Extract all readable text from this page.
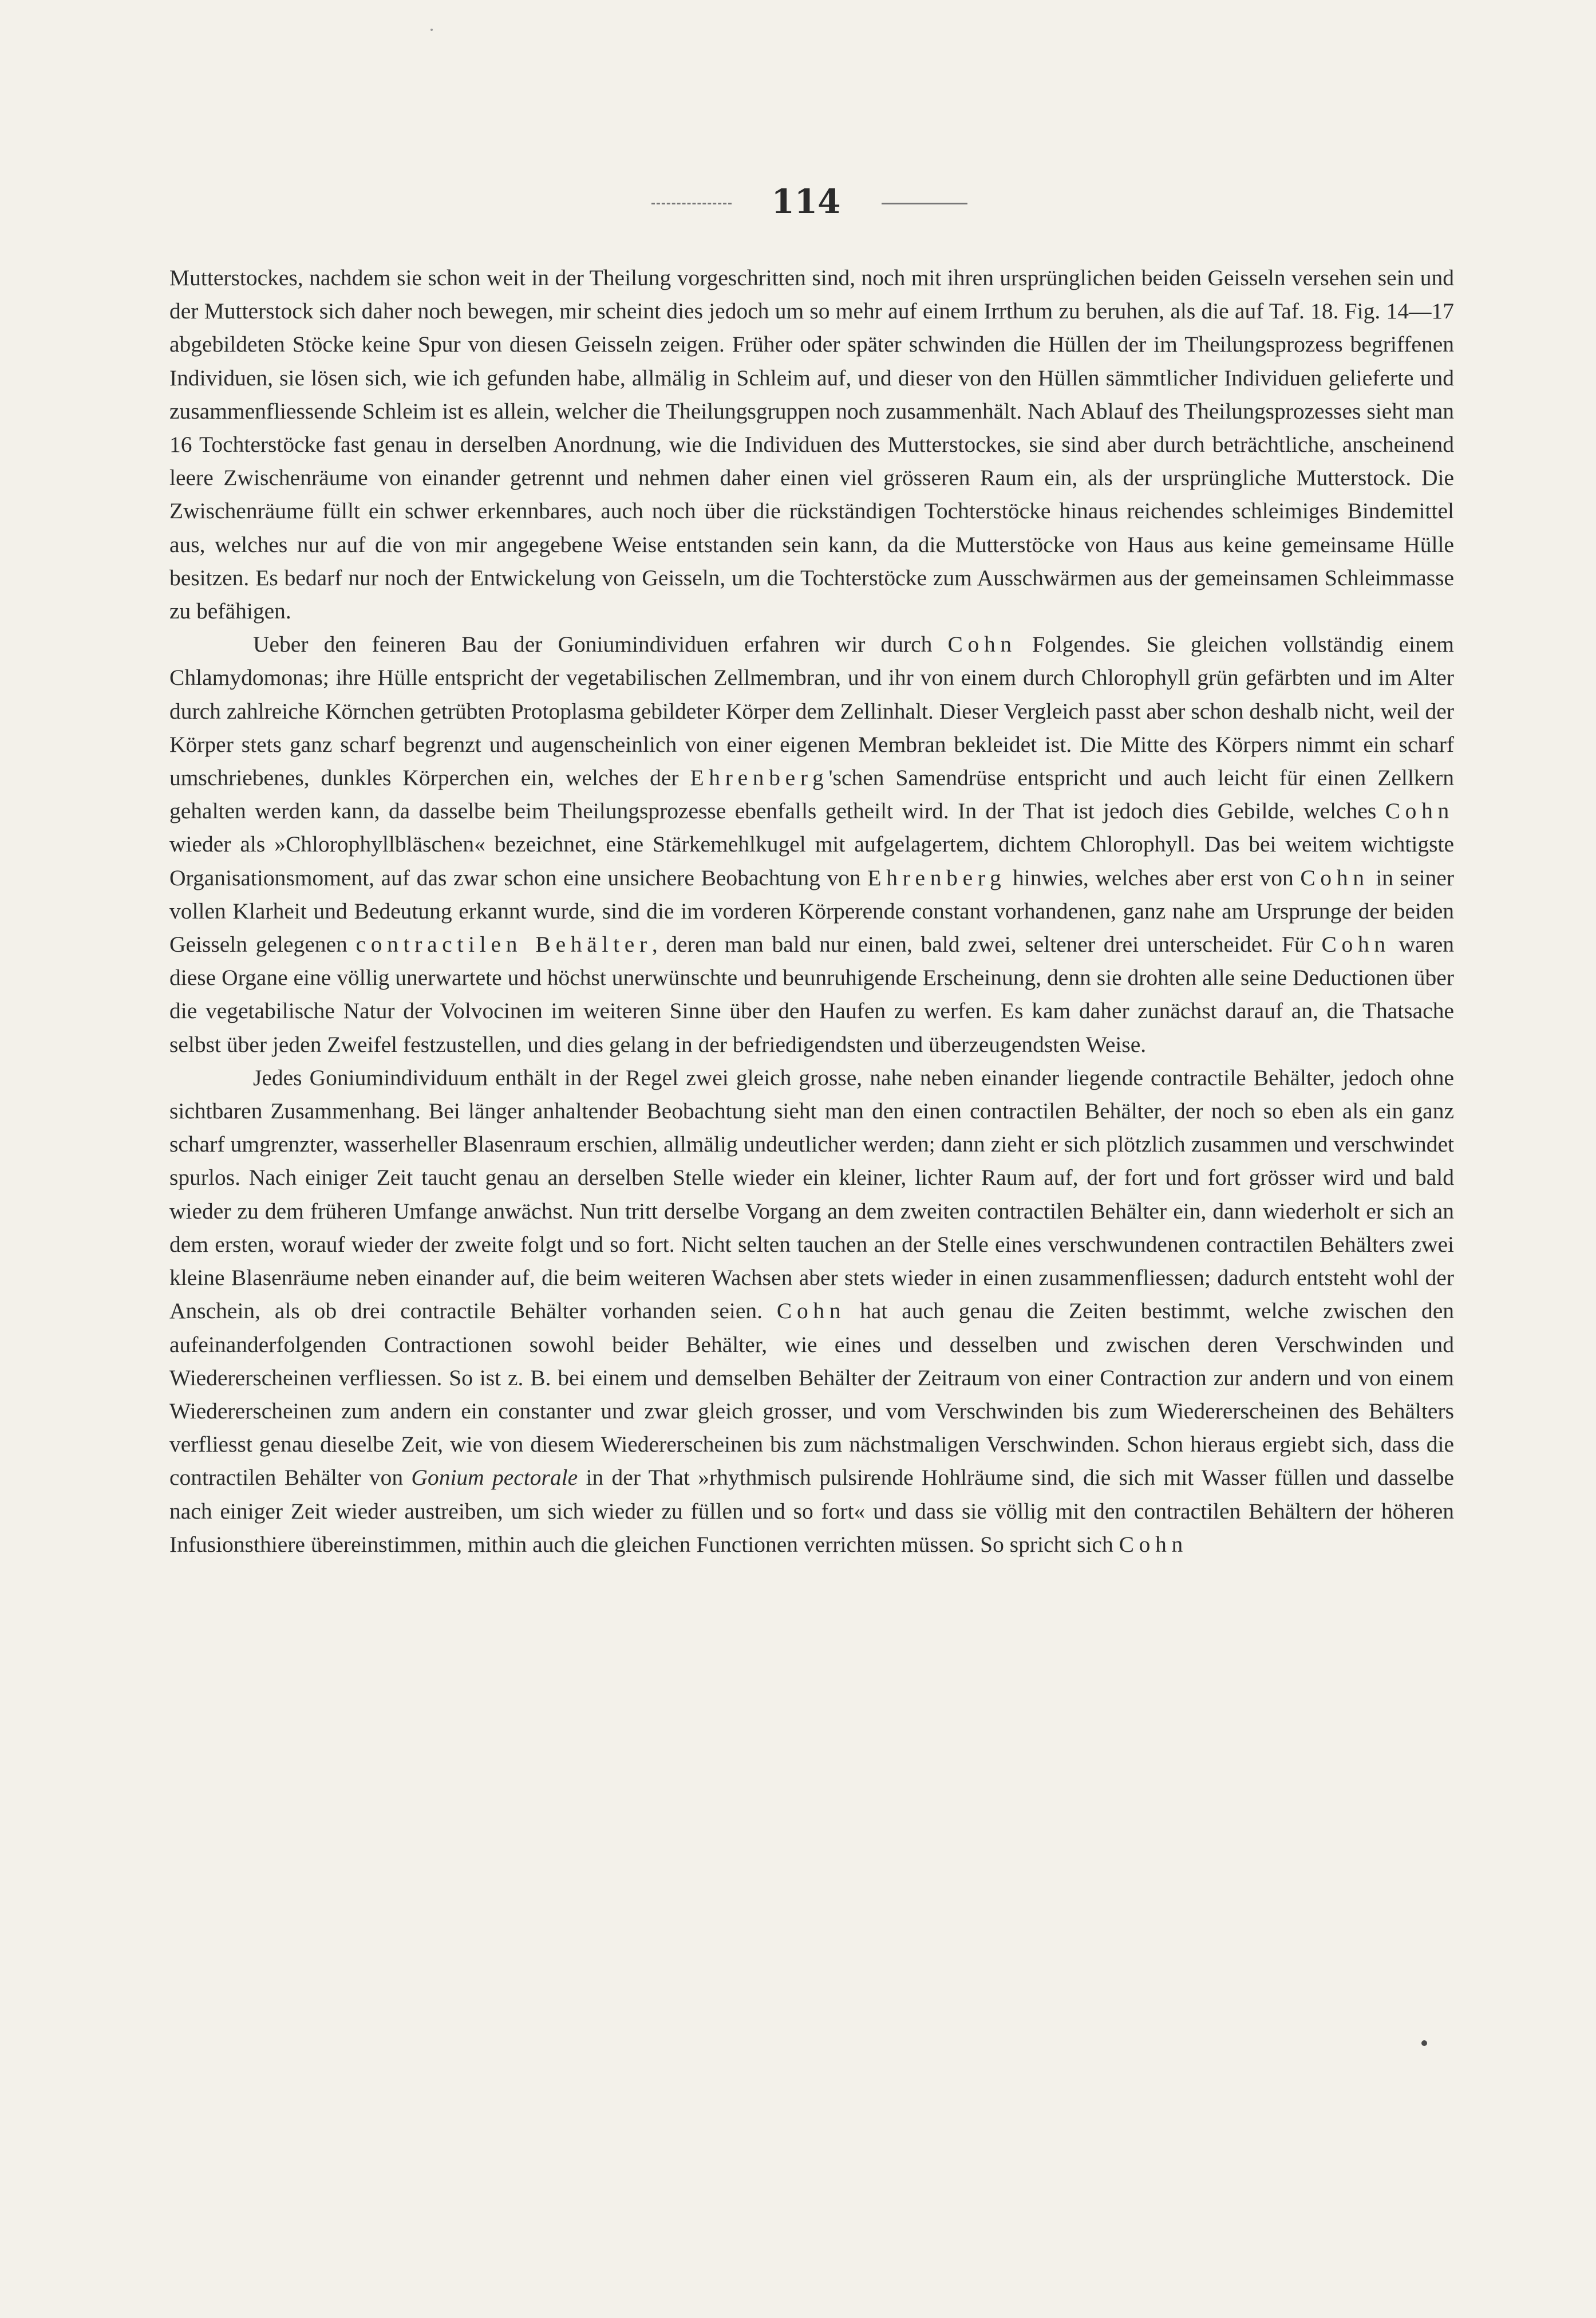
114

Mutterstockes, nachdem sie schon weit in der Theilung vorgeschritten sind, noch mit ihren ursprünglichen beiden Geisseln versehen sein und der Mutterstock sich daher noch bewegen, mir scheint dies jedoch um so mehr auf einem Irrthum zu beruhen, als die auf Taf. 18. Fig. 14—17 abgebildeten Stöcke keine Spur von diesen Geisseln zeigen. Früher oder später schwinden die Hüllen der im Theilungsprozess begriffenen Individuen, sie lösen sich, wie ich gefunden habe, allmälig in Schleim auf, und dieser von den Hüllen sämmtlicher Individuen gelieferte und zusammenfliessende Schleim ist es allein, welcher die Theilungsgruppen noch zusammenhält. Nach Ablauf des Theilungsprozesses sieht man 16 Tochterstöcke fast genau in derselben Anordnung, wie die Individuen des Mutterstockes, sie sind aber durch beträchtliche, anscheinend leere Zwischenräume von einander getrennt und nehmen daher einen viel grösseren Raum ein, als der ursprüngliche Mutterstock. Die Zwischenräume füllt ein schwer erkennbares, auch noch über die rückständigen Tochterstöcke hinaus reichendes schleimiges Bindemittel aus, welches nur auf die von mir angegebene Weise entstanden sein kann, da die Mutterstöcke von Haus aus keine gemeinsame Hülle besitzen. Es bedarf nur noch der Entwickelung von Geisseln, um die Tochterstöcke zum Ausschwärmen aus der gemeinsamen Schleimmasse zu befähigen.

Ueber den feineren Bau der Goniumindividuen erfahren wir durch Cohn Folgendes. Sie gleichen vollständig einem Chlamydomonas; ihre Hülle entspricht der vegetabilischen Zellmembran, und ihr von einem durch Chlorophyll grün gefärbten und im Alter durch zahlreiche Körnchen getrübten Protoplasma gebildeter Körper dem Zellinhalt. Dieser Vergleich passt aber schon deshalb nicht, weil der Körper stets ganz scharf begrenzt und augenscheinlich von einer eigenen Membran bekleidet ist. Die Mitte des Körpers nimmt ein scharf umschriebenes, dunkles Körperchen ein, welches der Ehrenberg'schen Samendrüse entspricht und auch leicht für einen Zellkern gehalten werden kann, da dasselbe beim Theilungsprozesse ebenfalls getheilt wird. In der That ist jedoch dies Gebilde, welches Cohn wieder als »Chlorophyllbläschen« bezeichnet, eine Stärkemehlkugel mit aufgelagertem, dichtem Chlorophyll. Das bei weitem wichtigste Organisationsmoment, auf das zwar schon eine unsichere Beobachtung von Ehrenberg hinwies, welches aber erst von Cohn in seiner vollen Klarheit und Bedeutung erkannt wurde, sind die im vorderen Körperende constant vorhandenen, ganz nahe am Ursprunge der beiden Geisseln gelegenen contractilen Behälter, deren man bald nur einen, bald zwei, seltener drei unterscheidet. Für Cohn waren diese Organe eine völlig unerwartete und höchst unerwünschte und beunruhigende Erscheinung, denn sie drohten alle seine Deductionen über die vegetabilische Natur der Volvocinen im weiteren Sinne über den Haufen zu werfen. Es kam daher zunächst darauf an, die Thatsache selbst über jeden Zweifel festzustellen, und dies gelang in der befriedigendsten und überzeugendsten Weise.

Jedes Goniumindividuum enthält in der Regel zwei gleich grosse, nahe neben einander liegende contractile Behälter, jedoch ohne sichtbaren Zusammenhang. Bei länger anhaltender Beobachtung sieht man den einen contractilen Behälter, der noch so eben als ein ganz scharf umgrenzter, wasserheller Blasenraum erschien, allmälig undeutlicher werden; dann zieht er sich plötzlich zusammen und verschwindet spurlos. Nach einiger Zeit taucht genau an derselben Stelle wieder ein kleiner, lichter Raum auf, der fort und fort grösser wird und bald wieder zu dem früheren Umfange anwächst. Nun tritt derselbe Vorgang an dem zweiten contractilen Behälter ein, dann wiederholt er sich an dem ersten, worauf wieder der zweite folgt und so fort. Nicht selten tauchen an der Stelle eines verschwundenen contractilen Behälters zwei kleine Blasenräume neben einander auf, die beim weiteren Wachsen aber stets wieder in einen zusammenfliessen; dadurch entsteht wohl der Anschein, als ob drei contractile Behälter vorhanden seien. Cohn hat auch genau die Zeiten bestimmt, welche zwischen den aufeinanderfolgenden Contractionen sowohl beider Behälter, wie eines und desselben und zwischen deren Verschwinden und Wiedererscheinen verfliessen. So ist z. B. bei einem und demselben Behälter der Zeitraum von einer Contraction zur andern und von einem Wiedererscheinen zum andern ein constanter und zwar gleich grosser, und vom Verschwinden bis zum Wiedererscheinen des Behälters verfliesst genau dieselbe Zeit, wie von diesem Wiedererscheinen bis zum nächstmaligen Verschwinden. Schon hieraus ergiebt sich, dass die contractilen Behälter von Gonium pectorale in der That »rhythmisch pulsirende Hohlräume sind, die sich mit Wasser füllen und dasselbe nach einiger Zeit wieder austreiben, um sich wieder zu füllen und so fort« und dass sie völlig mit den contractilen Behältern der höheren Infusionsthiere übereinstimmen, mithin auch die gleichen Functionen verrichten müssen. So spricht sich Cohn
